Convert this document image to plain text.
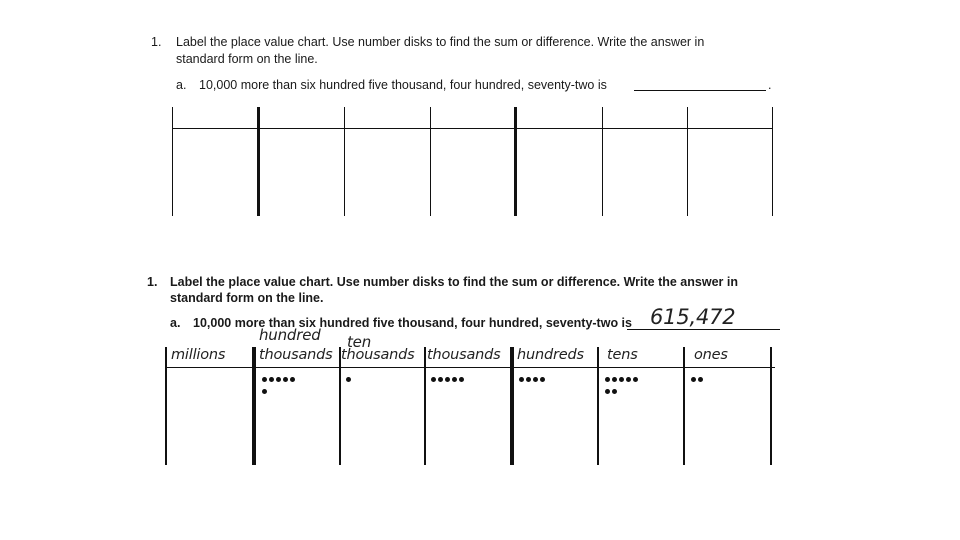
1. Label the place value chart. Use number disks to find the sum or difference. Write the answer in
standard form on the line.
a. 10,000 more than six hundred five thousand, four hundred, seventy-two is	.
1. Label the place value chart. Use number disks to find the sum or difference. Write the answer in
standard form on the line.
a. 10,000 more than six hundred five thousand, four hundred, seventy-two is 615,472
hundred ten
millions thousands thousands thousands hundreds tens	ones
